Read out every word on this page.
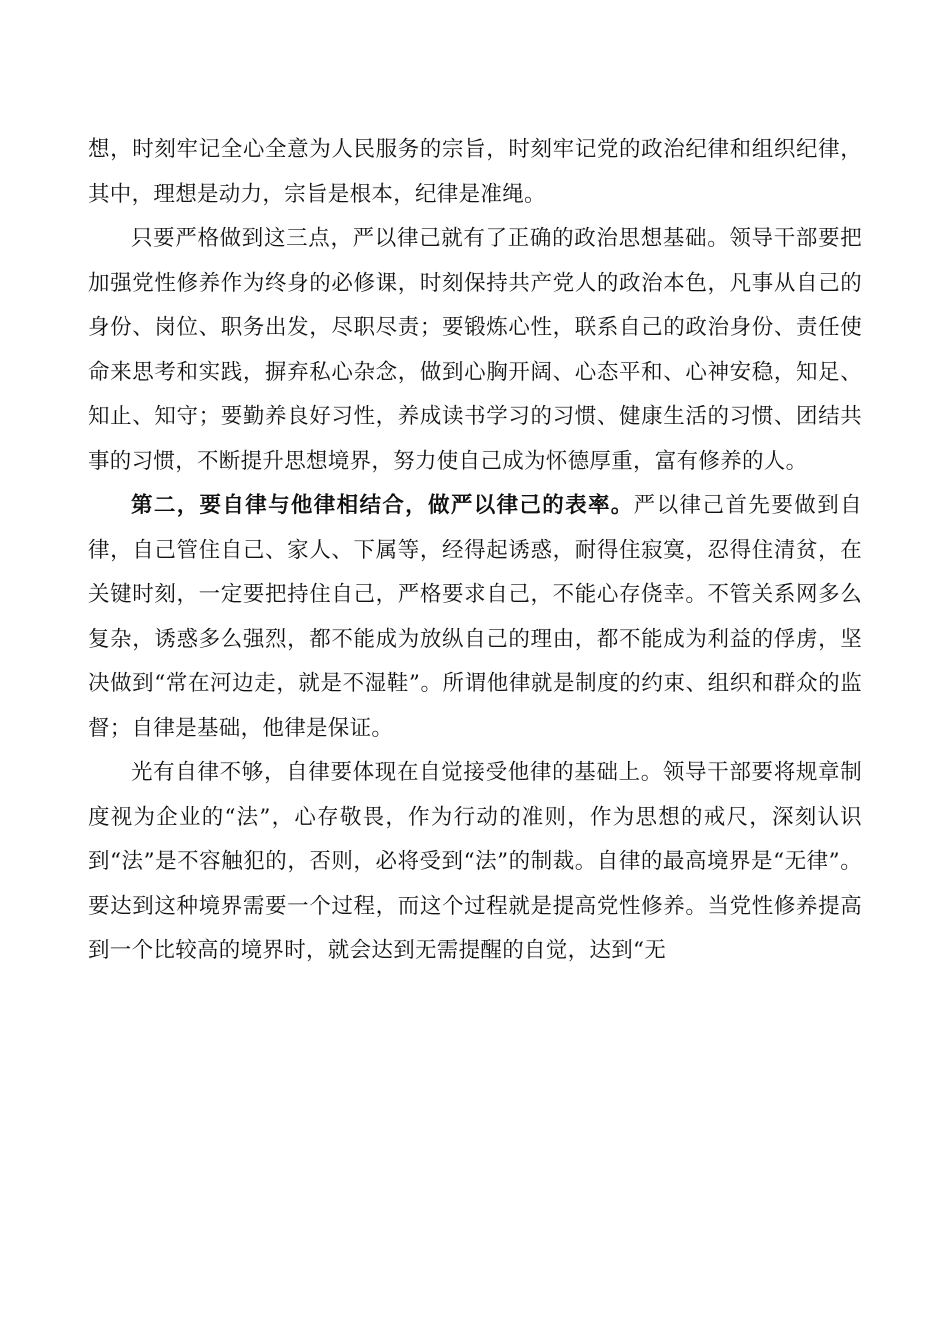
想，时刻牢记全心全意为人民服务的宗旨，时刻牢记党的政治纪律和组织纪律，其中，理想是动力，宗旨是根本，纪律是准绳。

只要严格做到这三点，严以律己就有了正确的政治思想基础。领导干部要把加强党性修养作为终身的必修课，时刻保持共产党人的政治本色，凡事从自己的身份、岗位、职务出发，尽职尽责；要锻炼心性，联系自己的政治身份、责任使命来思考和实践，摒弃私心杂念，做到心胸开阔、心态平和、心神安稳，知足、知止、知守；要勤养良好习性，养成读书学习的习惯、健康生活的习惯、团结共事的习惯，不断提升思想境界，努力使自己成为怀德厚重，富有修养的人。

第二，要自律与他律相结合，做严以律己的表率。严以律己首先要做到自律，自己管住自己、家人、下属等，经得起诱惑，耐得住寂寞，忍得住清贫，在关键时刻，一定要把持住自己，严格要求自己，不能心存侥幸。不管关系网多么复杂，诱惑多么强烈，都不能成为放纵自己的理由，都不能成为利益的俘虏，坚决做到“常在河边走，就是不湿鞋”。所谓他律就是制度的约束、组织和群众的监督；自律是基础，他律是保证。

光有自律不够，自律要体现在自觉接受他律的基础上。领导干部要将规章制度视为企业的“法”，心存敬畏，作为行动的准则，作为思想的戒尺，深刻认识到“法”是不容触犯的，否则，必将受到“法”的制裁。自律的最高境界是“无律”。要达到这种境界需要一个过程，而这个过程就是提高党性修养。当党性修养提高到一个比较高的境界时，就会达到无需提醒的自觉，达到“无
